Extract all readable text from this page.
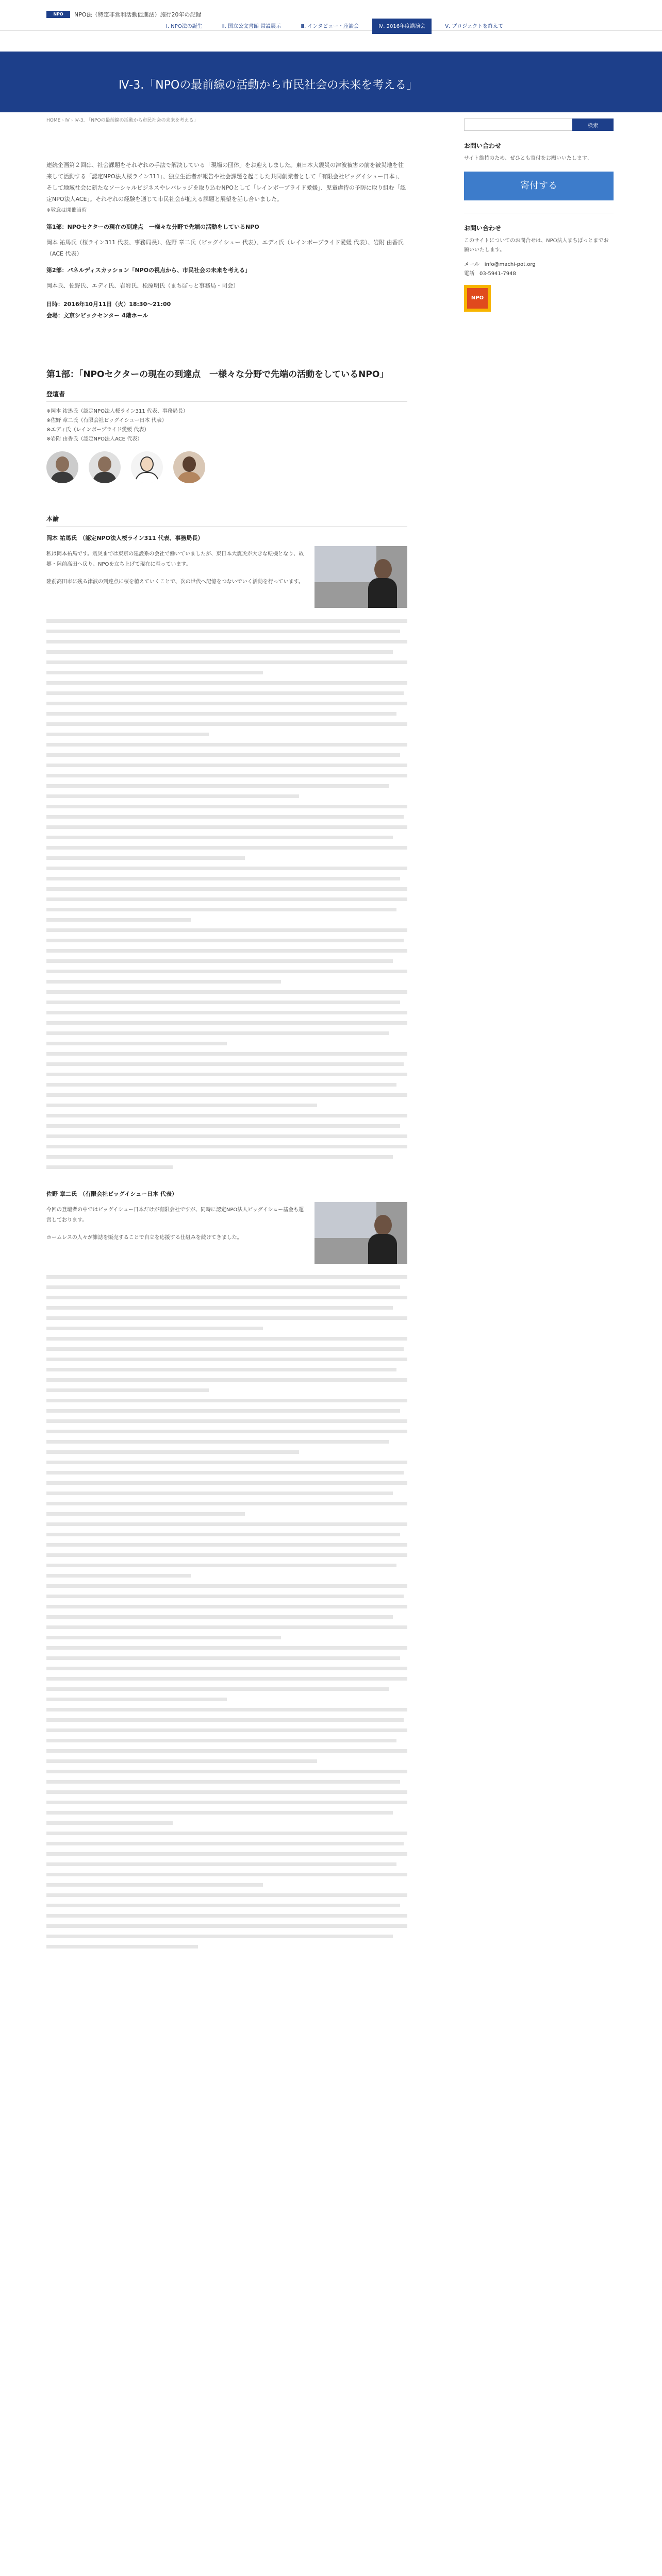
NPO	NPO法（特定非営利活動促進法）施行20年の記録
Ⅰ. NPO法の誕生	Ⅱ. 国立公文書館 常設展示	Ⅲ. インタビュー・座談会	Ⅳ. 2016年度講演会	Ⅴ. プロジェクトを終えて
Ⅳ-3.「NPOの最前線の活動から市民社会の未来を考える」
HOME › Ⅳ › Ⅳ-3. 「NPOの最前線の活動から市民社会の未来を考える」

連続企画第２回は、社会課題をそれぞれの手法で解決している「現場の団体」をお迎えしました。東日本大震災の津波被害の前を被災地を往来して活動する「認定NPO法人桜ライン311」、独立生活者が報告や社会課題を起こした共同創業者として「有限会社ビッグイシュー日本」、そして地域社会に新たなソーシャルビジネスやレバレッジを取り込むNPOとして「レインボーブライド愛媛」、児童虐待の予防に取り組む「認定NPO法人ACE」。それぞれの経験を通じて市民社会が抱える課題と展望を話し合いました。

※敬意は開催当時

第1部：NPOセクターの現在の到達点　一様々な分野で先端の活動をしているNPO
岡本 祐馬氏（桜ライン311 代表、事務局長）、佐野 章二氏（ビッグイシュー 代表）、エディ氏（レインボープライド愛媛 代表）、岩附 由香氏（ACE 代表）
第2部：パネルディスカッション「NPOの視点から、市民社会の未来を考える」
岡本氏、佐野氏、エディ氏、岩附氏、松原明氏（まちぽっと事務局・司会）
日時：2016年10月11日（火）18:30〜21:00
会場：文京シビックセンター 4階ホール
第1部：「NPOセクターの現在の到達点　一様々な分野で先端の活動をしているNPO」
登壇者
※岡本 祐馬氏（認定NPO法人桜ライン311 代表、事務局長）
※佐野 章二氏（有限会社ビッグイシュー日本 代表）
※エディ氏（レインボープライド愛媛 代表）
※岩附 由香氏（認定NPO法人ACE 代表）
本論
岡本 祐馬氏　（認定NPO法人桜ライン311 代表、事務局長）

私は岡本祐馬です。震災までは東京の建設系の会社で働いていましたが、東日本大震災が大きな転機となり、故郷・陸前高田へ戻り、NPOを立ち上げて現在に至っています。

陸前高田市に残る津波の到達点に桜を植えていくことで、次の世代へ記憶をつないでいく活動を行っています。

佐野 章二氏　（有限会社ビッグイシュー日本 代表）

今回の登壇者の中ではビッグイシュー日本だけが有限会社ですが、同時に認定NPO法人ビッグイシュー基金も運営しております。

ホームレスの人々が雑誌を販売することで自立を応援する仕組みを続けてきました。

検索
お問い合わせ
サイト維持のため、ぜひとも寄付をお願いいたします。
寄付する
お問い合わせ
このサイトについてのお問合せは、NPO法人まちぽっとまでお願いいたします。
メール　info@machi-pot.org
電話　03-5941-7948
NPO
